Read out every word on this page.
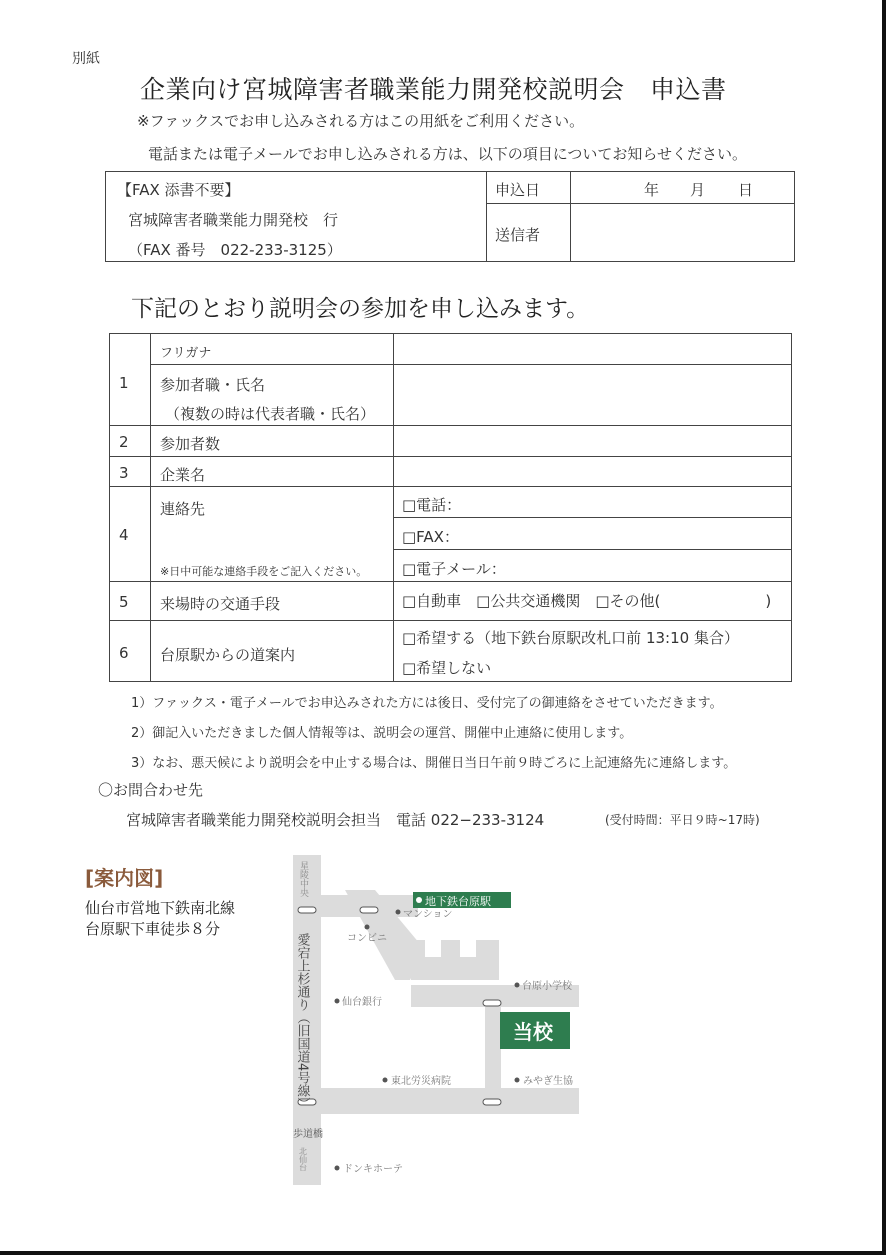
別紙
企業向け宮城障害者職業能力開発校説明会　申込書
※ファックスでお申し込みされる方はこの用紙をご利用ください。
電話または電子メールでお申し込みされる方は、以下の項目についてお知らせください。
【FAX 添書不要】
宮城障害者職業能力開発校　行
（FAX 番号　022-233-3125）
申込日	年 月 日
送信者
下記のとおり説明会の参加を申し込みます。
1
フリガナ
参加者職・氏名
（複数の時は代表者職・氏名）
2 参加者数
3 企業名
4
連絡先
※日中可能な連絡手段をご記入ください。
□電話：
□FAX：
□電子メール：
5 来場時の交通手段	□自動車　□公共交通機関　□その他(　　　　　　　)
6 台原駅からの道案内
□希望する（地下鉄台原駅改札口前 13:10 集合）
□希望しない
1）ファックス・電子メールでお申込みされた方には後日、受付完了の御連絡をさせていただきます。
2）御記入いただきました個人情報等は、説明会の運営、開催中止連絡に使用します。
3）なお、悪天候により説明会を中止する場合は、開催日当日午前９時ごろに上記連絡先に連絡します。
〇お問合わせ先
宮城障害者職業能力開発校説明会担当　電話 022−233-3124	(受付時間：平日９時~17時)
[案内図]
仙台市営地下鉄南北線
台原駅下車徒歩８分
地下鉄台原駅
マンション
コンビニ
台原小学校
仙台銀行
当校
東北労災病院	みやぎ生協
ドンキホーテ
星陵中央
愛宕上杉通り（旧国道4号線）
歩道橋
北仙台
